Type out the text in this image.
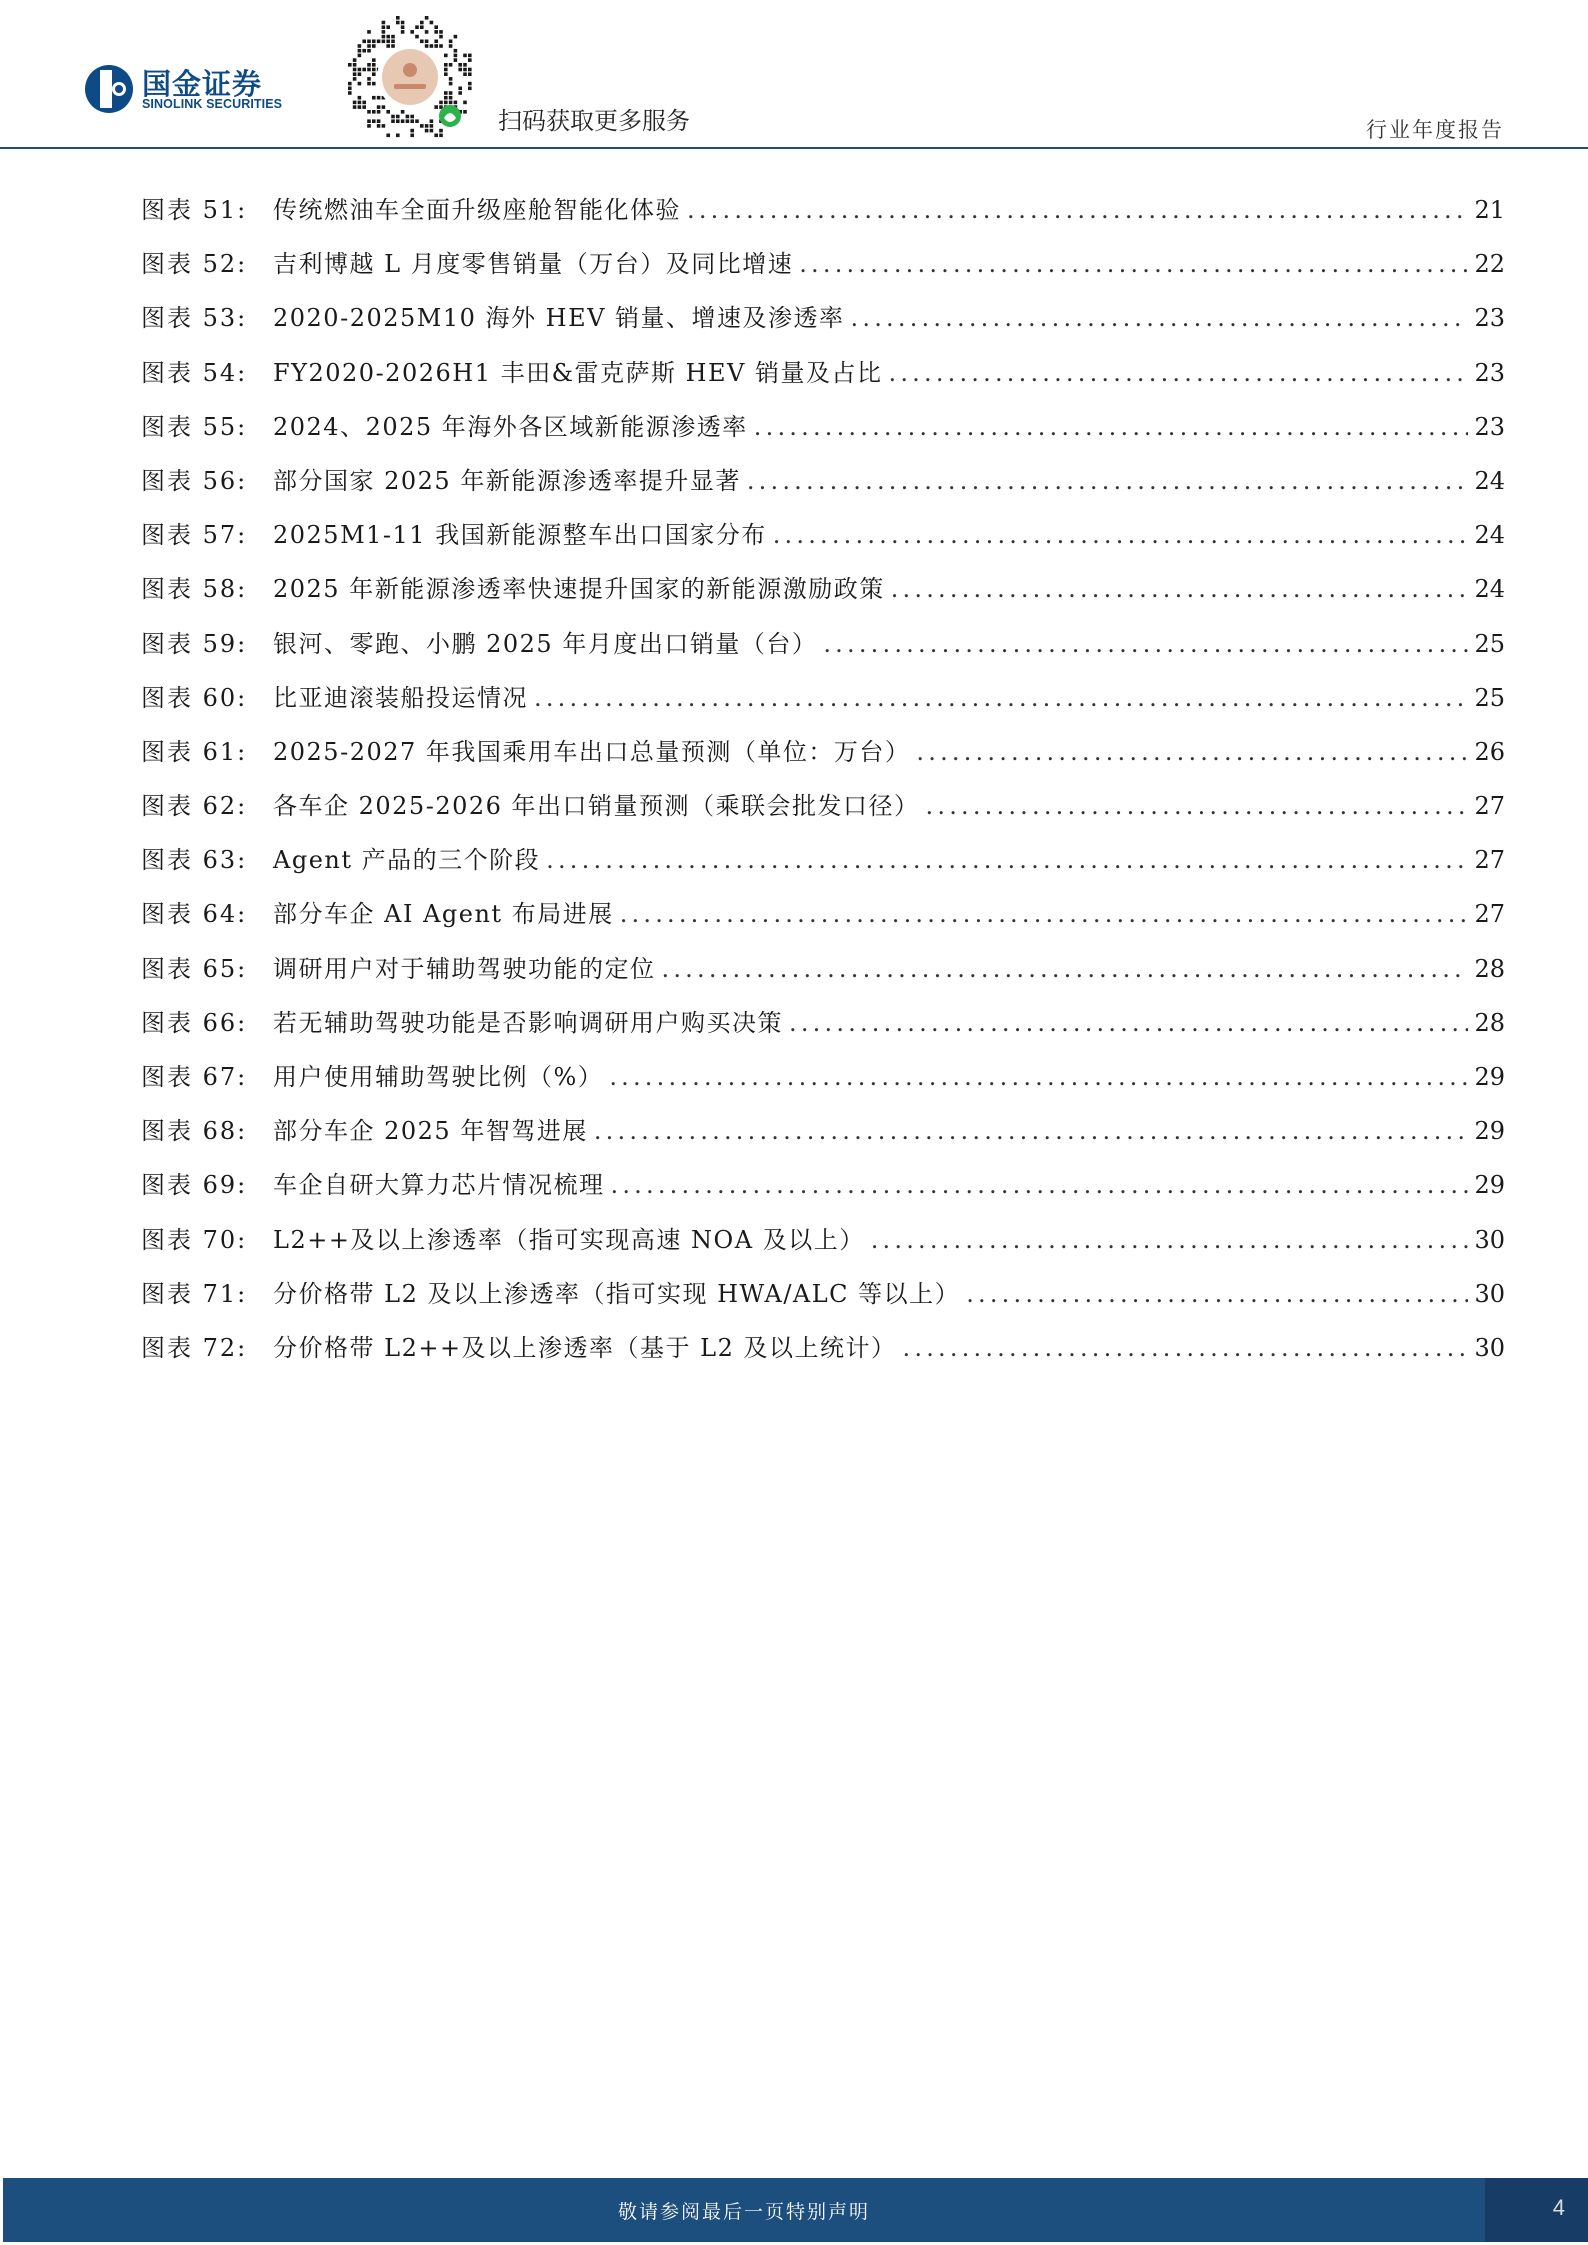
国金证券
SINOLINK SECURITIES
扫码获取更多服务	行业年度报告
图表 51:	传统燃油车全面升级座舱智能化体验 .....	21
图表 52:	吉利博越 L 月度零售销量（万台）及同比增速 .....	22
图表 53:	2020-2025M10 海外 HEV 销量、增速及渗透率 .....	23
图表 54:	FY2020-2026H1 丰田&雷克萨斯 HEV 销量及占比 .....	23
图表 55:	2024、2025 年海外各区域新能源渗透率 .....	23
图表 56:	部分国家 2025 年新能源渗透率提升显著 .....	24
图表 57:	2025M1-11 我国新能源整车出口国家分布 .....	24
图表 58:	2025 年新能源渗透率快速提升国家的新能源激励政策 .....	24
图表 59:	银河、零跑、小鹏 2025 年月度出口销量（台） .....	25
图表 60:	比亚迪滚装船投运情况 .....	25
图表 61:	2025-2027 年我国乘用车出口总量预测（单位：万台） .....	26
图表 62:	各车企 2025-2026 年出口销量预测（乘联会批发口径） .....	27
图表 63:	Agent 产品的三个阶段 .....	27
图表 64:	部分车企 AI Agent 布局进展 .....	27
图表 65:	调研用户对于辅助驾驶功能的定位 .....	28
图表 66:	若无辅助驾驶功能是否影响调研用户购买决策 .....	28
图表 67:	用户使用辅助驾驶比例（%） .....	29
图表 68:	部分车企 2025 年智驾进展 .....	29
图表 69:	车企自研大算力芯片情况梳理 .....	29
图表 70:	L2++及以上渗透率（指可实现高速 NOA 及以上） .....	30
图表 71:	分价格带 L2 及以上渗透率（指可实现 HWA/ALC 等以上） .....	30
图表 72:	分价格带 L2++及以上渗透率（基于 L2 及以上统计） .....	30
敬请参阅最后一页特别声明	4
